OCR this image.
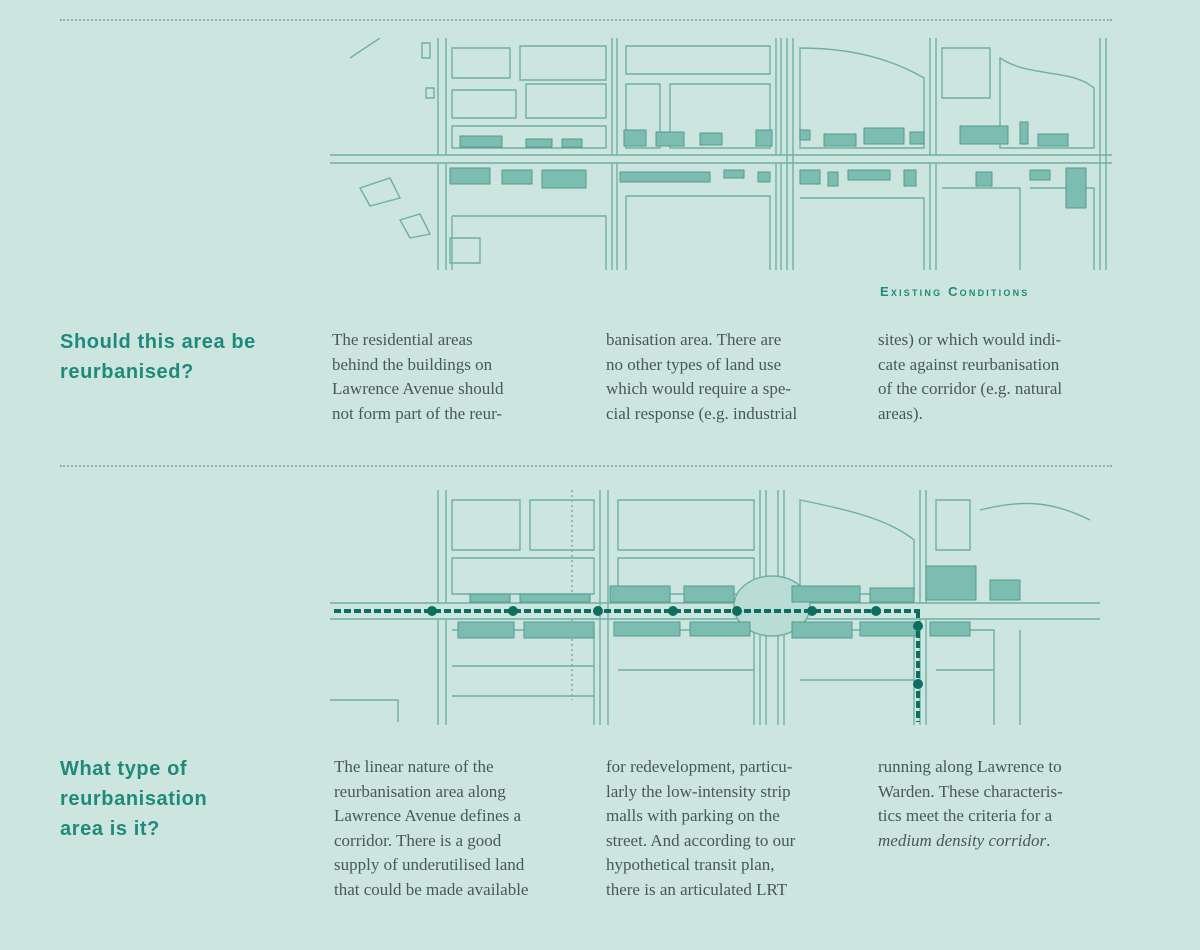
Existing Conditions
Should this area be
reurbanised?
The residential areas
behind the buildings on
Lawrence Avenue should
not form part of the reur-
banisation area. There are
no other types of land use
which would require a spe-
cial response (e.g. industrial
sites) or which would indi-
cate against reurbanisation
of the corridor (e.g. natural
areas).
What type of
reurbanisation
area is it?
The linear nature of the
reurbanisation area along
Lawrence Avenue defines a
corridor. There is a good
supply of underutilised land
that could be made available
for redevelopment, particu-
larly the low-intensity strip
malls with parking on the
street. And according to our
hypothetical transit plan,
there is an articulated LRT
running along Lawrence to
Warden. These characteris-
tics meet the criteria for a
medium density corridor.
